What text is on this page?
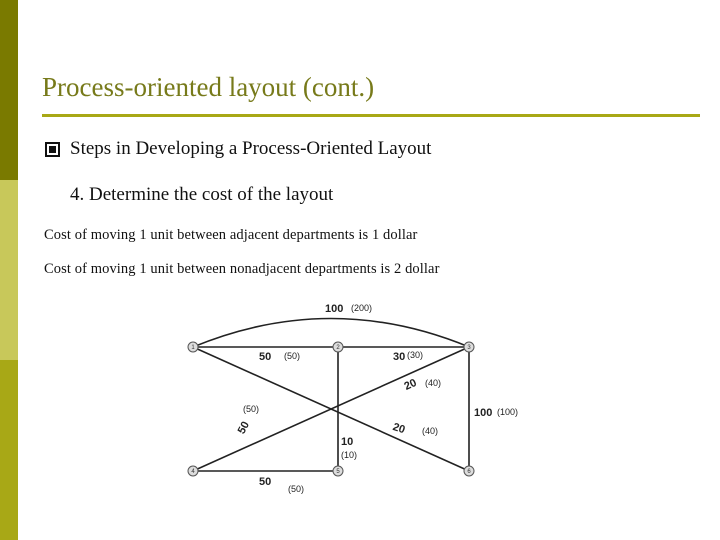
Process-oriented layout (cont.)
Steps in Developing a Process-Oriented Layout
4. Determine the cost of the layout
Cost of moving 1 unit between adjacent departments is 1 dollar
Cost of moving 1 unit between nonadjacent departments is 2 dollar
1	2	3
4	5	6
100 (200)
50 (50)	30 (30)
20 (40)
100 (100)
50
(50)
20 (40)
10
(10)
50
(50)
